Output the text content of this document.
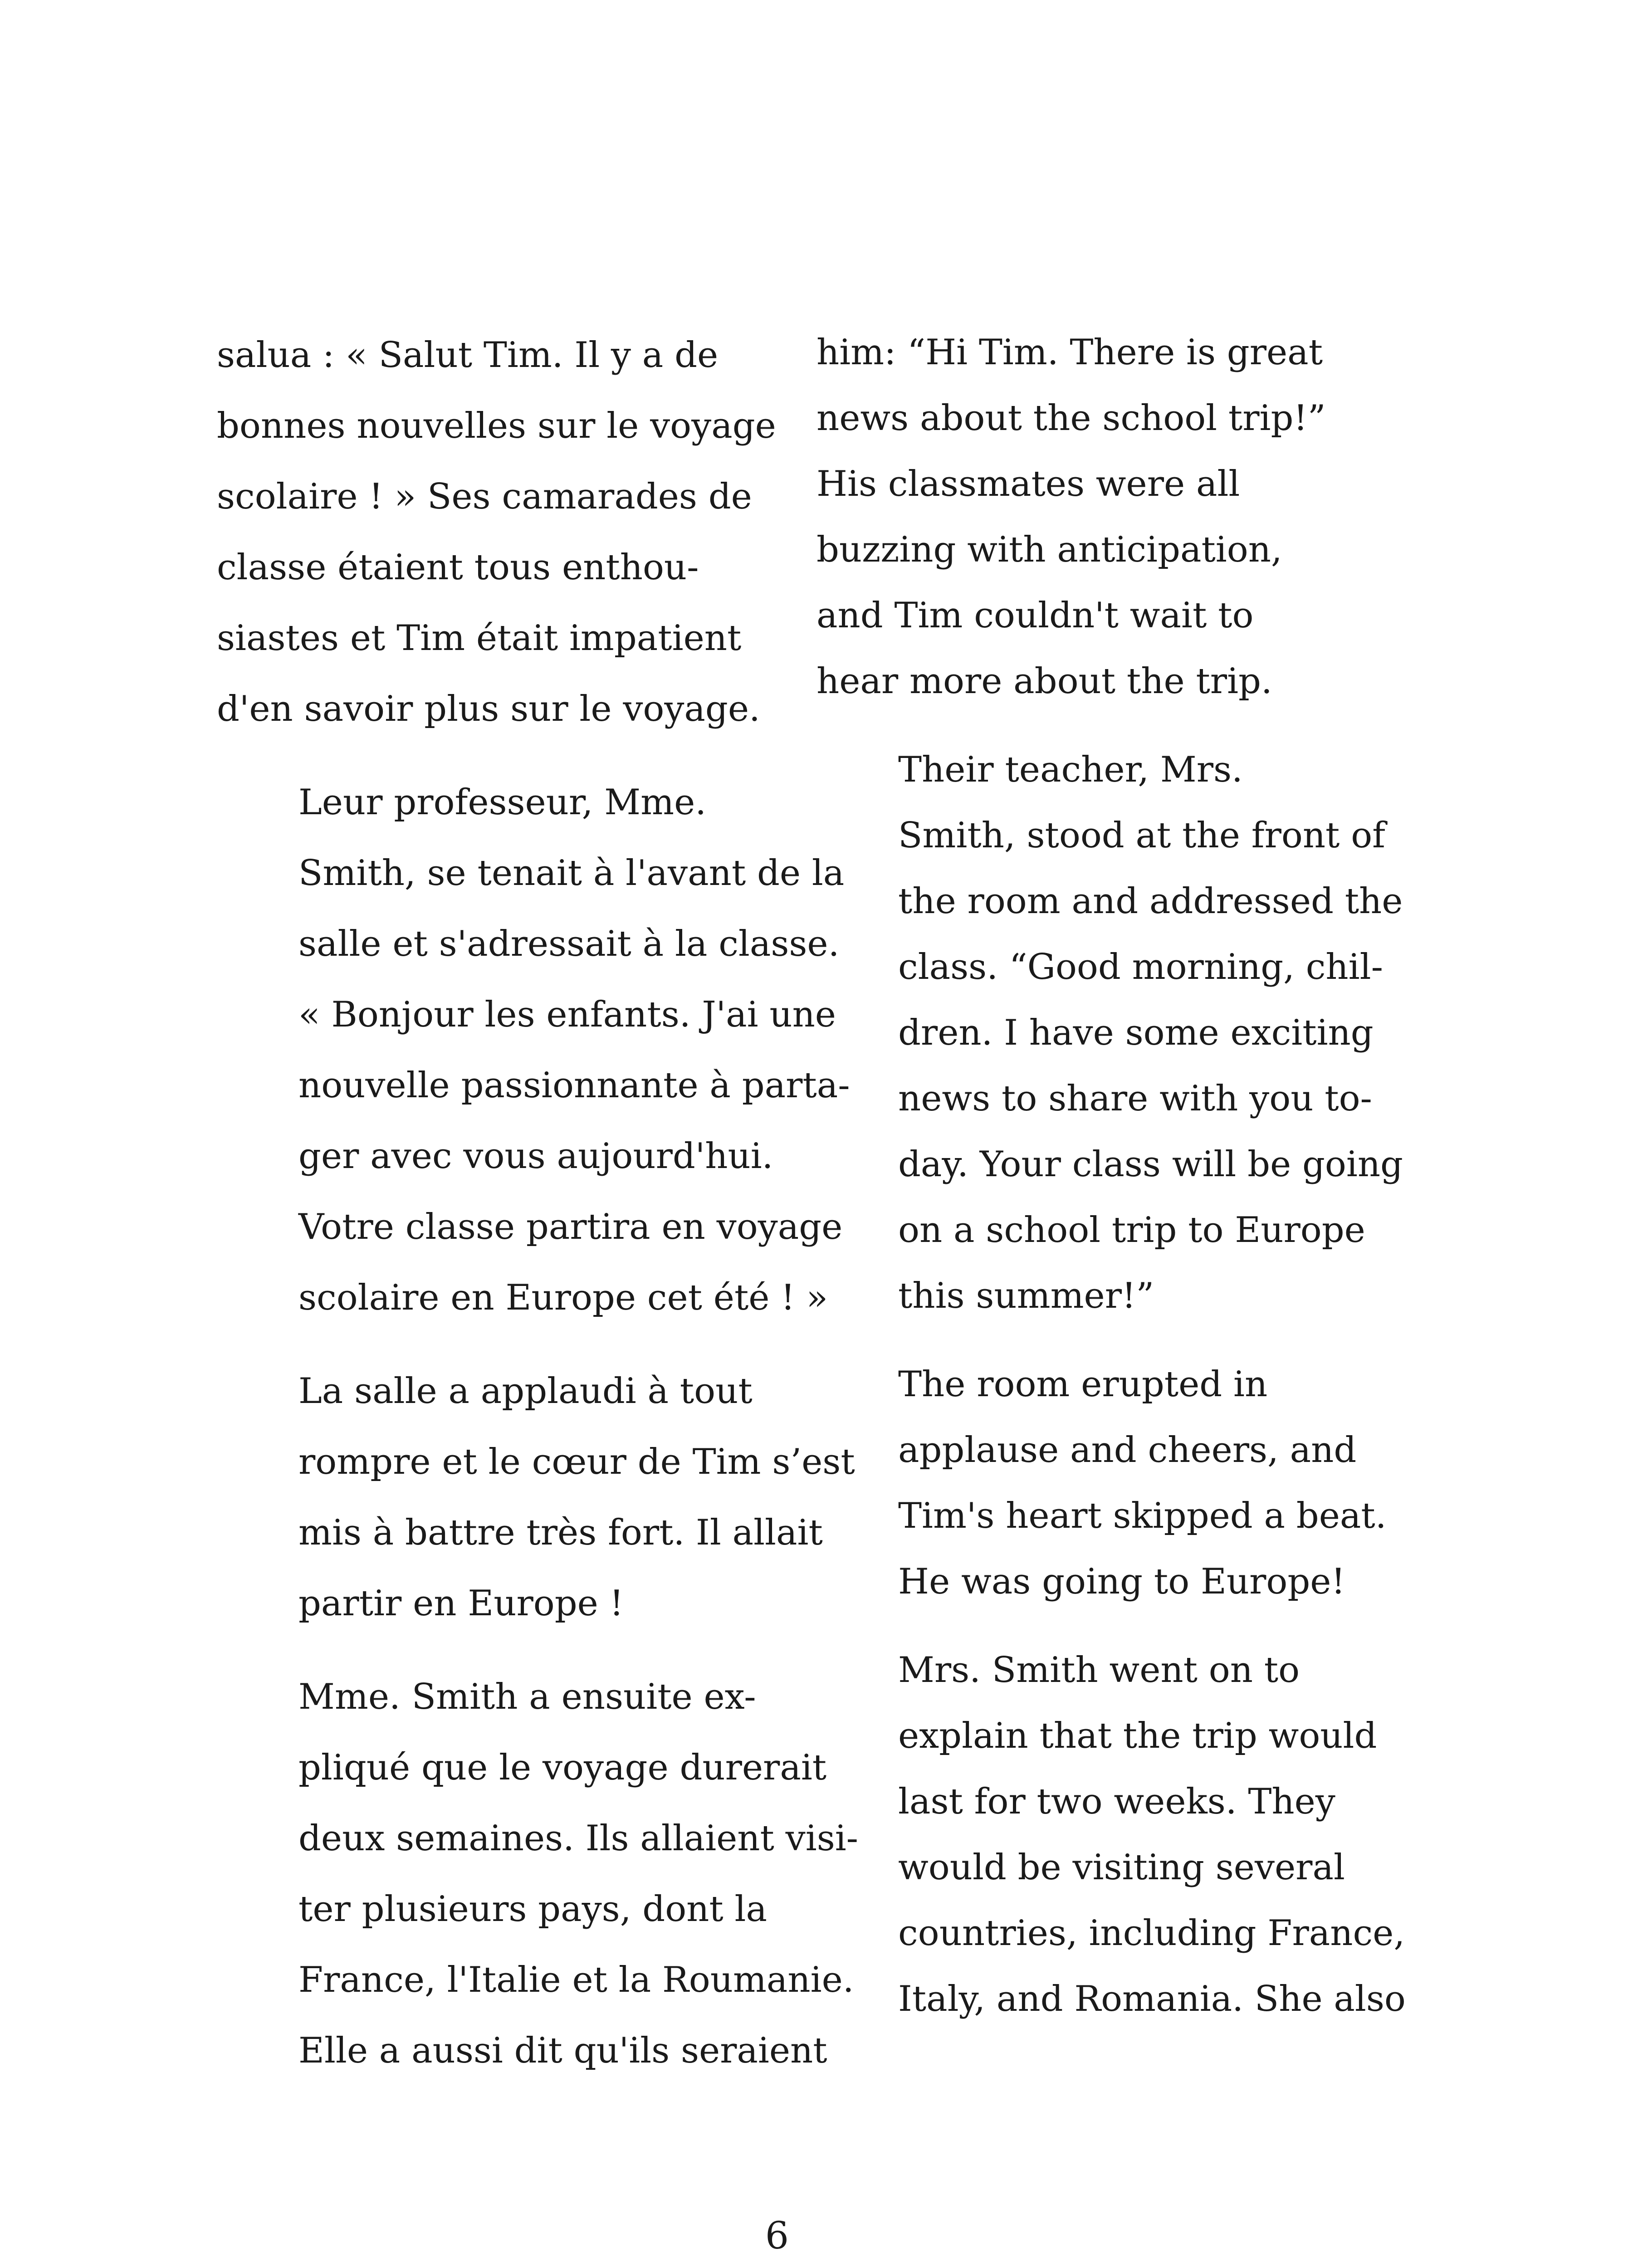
salua : « Salut Tim. Il y a de
bonnes nouvelles sur le voyage
scolaire ! » Ses camarades de
classe étaient tous enthou-
siastes et Tim était impatient
d'en savoir plus sur le voyage.

Leur professeur, Mme.
Smith, se tenait à l'avant de la
salle et s'adressait à la classe.
« Bonjour les enfants. J'ai une
nouvelle passionnante à parta-
ger avec vous aujourd'hui.
Votre classe partira en voyage
scolaire en Europe cet été ! »

La salle a applaudi à tout
rompre et le cœur de Tim s’est
mis à battre très fort. Il allait
partir en Europe !

Mme. Smith a ensuite ex-
pliqué que le voyage durerait
deux semaines. Ils allaient visi-
ter plusieurs pays, dont la
France, l'Italie et la Roumanie.
Elle a aussi dit qu'ils seraient

him: “Hi Tim. There is great
news about the school trip!”
His classmates were all
buzzing with anticipation,
and Tim couldn't wait to
hear more about the trip.

Their teacher, Mrs.
Smith, stood at the front of
the room and addressed the
class. “Good morning, chil-
dren. I have some exciting
news to share with you to-
day. Your class will be going
on a school trip to Europe
this summer!”

The room erupted in
applause and cheers, and
Tim's heart skipped a beat.
He was going to Europe!

Mrs. Smith went on to
explain that the trip would
last for two weeks. They
would be visiting several
countries, including France,
Italy, and Romania. She also

6
